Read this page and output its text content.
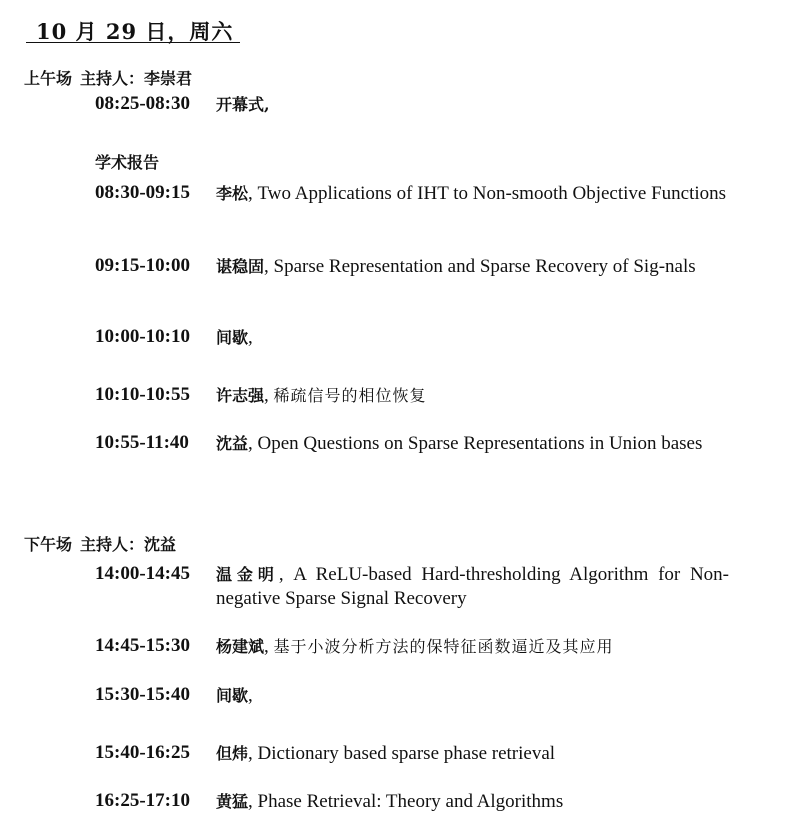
10 月 29 日，周六
上午场 主持人：李崇君
08:25-08:30 开幕式,
学术报告
08:30-09:15 李松, Two Applications of IHT to Non-smooth Objective Functions
09:15-10:00 谌稳固, Sparse Representation and Sparse Recovery of Sig-nals
10:00-10:10 间歇,
10:10-10:55 许志强, 稀疏信号的相位恢复
10:55-11:40 沈益, Open Questions on Sparse Representations in Union bases
下午场 主持人：沈益
14:00-14:45 温金明, A ReLU-based Hard-thresholding Algorithm for Non-negative Sparse Signal Recovery
14:45-15:30 杨建斌, 基于小波分析方法的保特征函数逼近及其应用
15:30-15:40 间歇,
15:40-16:25 但炜, Dictionary based sparse phase retrieval
16:25-17:10 黄猛, Phase Retrieval: Theory and Algorithms
